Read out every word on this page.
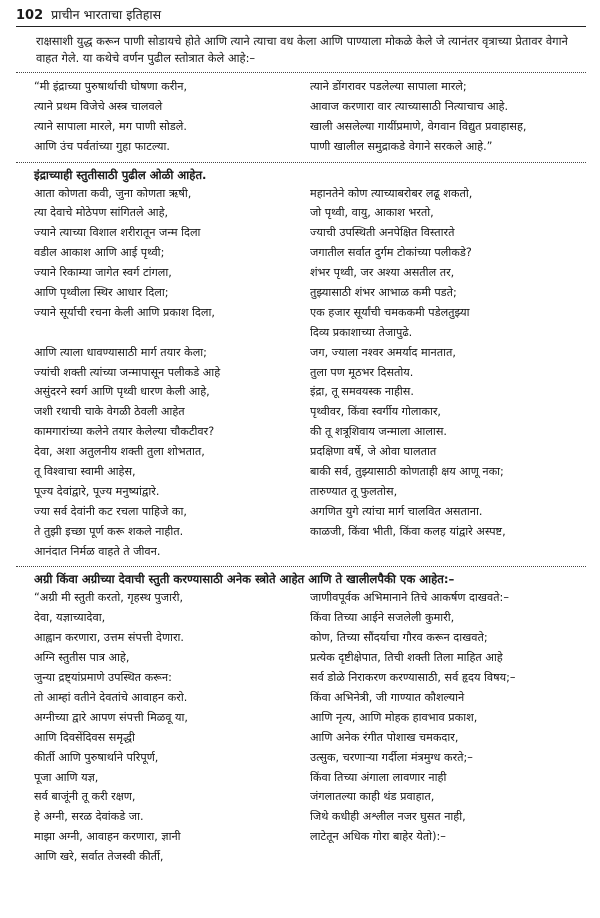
102 प्राचीन भारताचा इतिहास
राक्षसाशी युद्ध करून पाणी सोडायचे होते आणि त्याने त्याचा वध केला आणि पाण्याला मोकळे केले जे त्यानंतर वृत्राच्या प्रेतावर वेगाने वाहत गेले. या कथेचे वर्णन पुढील स्तोत्रात केले आहे:–
“मी इंद्राच्या पुरुषार्थाची घोषणा करीन,
त्याने प्रथम विजेचे अस्त्र चालवले
त्याने सापाला मारले, मग पाणी सोडले.
आणि उंच पर्वतांच्या गुहा फाटल्या.
त्याने डोंगरावर पडलेल्या सापाला मारले;
आवाज करणारा वार त्याच्यासाठी नित्याचाच आहे.
खाली असलेल्या गायींप्रमाणे, वेगवान विद्युत प्रवाहासह,
पाणी खालील समुद्राकडे वेगाने सरकले आहे.”
इंद्राच्याही स्तुतीसाठी पुढील ओळी आहेत.
आता कोणता कवी, जुना कोणता ऋषी,
त्या देवाचे मोठेपण सांगितले आहे,
ज्याने त्याच्या विशाल शरीरातून जन्म दिला
वडील आकाश आणि आई पृथ्वी;
ज्याने रिकाम्या जागेत स्वर्ग टांगला,
आणि पृथ्वीला स्थिर आधार दिला;
ज्याने सूर्याची रचना केली आणि प्रकाश दिला,
आणि त्याला धावण्यासाठी मार्ग तयार केला;
ज्यांची शक्ती त्यांच्या जन्मापासून पलीकडे आहे
असुंदरने स्वर्ग आणि पृथ्वी धारण केली आहे,
जशी रथाची चाके वेगळी ठेवली आहेत
कामगारांच्या कलेने तयार केलेल्या चौकटीवर?
देवा, अशा अतुलनीय शक्ती तुला शोभतात,
तू विश्वाचा स्वामी आहेस,
पूज्य देवांद्वारे, पूज्य मनुष्यांद्वारे.
ज्या सर्व देवांनी कट रचला पाहिजे का,
ते तुझी इच्छा पूर्ण करू शकले नाहीत.
आनंदात निर्मळ वाहते ते जीवन.
महानतेने कोण त्याच्याबरोबर लढू शकतो,
जो पृथ्वी, वायु, आकाश भरतो,
ज्याची उपस्थिती अनपेक्षित विस्तारते
जगातील सर्वात दुर्गम टोकांच्या पलीकडे?
शंभर पृथ्वी, जर अश्या असतील तर,
तुझ्यासाठी शंभर आभाळ कमी पडते;
एक हजार सूर्यांची चमककमी पडेलतुझ्या
दिव्य प्रकाशाच्या तेजापुढे.
जग, ज्याला नश्वर अमर्याद मानतात,
तुला पण मूठभर दिसतोय.
इंद्रा, तू समवयस्क नाहीस.
पृथ्वीवर, किंवा स्वर्गीय गोलाकार,
की तू शत्रूशिवाय जन्माला आलास.
प्रदक्षिणा वर्षे, जे ओवा घालतात
बाकी सर्व, तुझ्यासाठी कोणताही क्षय आणू नका;
तारुण्यात तू फुलतोस,
अगणित युगे त्यांचा मार्ग चालवित असताना.
काळजी, किंवा भीती, किंवा कलह यांद्वारे अस्पष्ट,
अग्री किंवा अग्रीच्या देवाची स्तुती करण्यासाठी अनेक स्त्रोते आहेत आणि ते खालीलपैकी एक आहेत:–
“अग्री मी स्तुती करतो, गृहस्थ पुजारी,
देवा, यज्ञाच्यादेवा,
आह्वान करणारा, उत्तम संपत्ती देणारा.
अग्नि स्तुतीस पात्र आहे,
जुन्या द्रष्ट्यांप्रमाणे उपस्थित करून:
तो आम्हां वतीने देवतांचे आवाहन करो.
अग्नीच्या द्वारे आपण संपत्ती मिळवू या,
आणि दिवसेंदिवस समृद्धी
कीर्ती आणि पुरुषार्थाने परिपूर्ण,
पूजा आणि यज्ञ,
सर्व बाजूंनी तू करी रक्षण,
हे अग्नी, सरळ देवांकडे जा.
माझा अग्नी, आवाहन करणारा, ज्ञानी
आणि खरे, सर्वात तेजस्वी कीर्ती,
जाणीवपूर्वक अभिमानाने तिचे आकर्षण दाखवते:–
किंवा तिच्या आईने सजलेली कुमारी,
कोण, तिच्या सौंदर्याचा गौरव करून दाखवते;
प्रत्येक दृष्टीक्षेपात, तिची शक्ती तिला माहित आहे
सर्व डोळे निराकरण करण्यासाठी, सर्व हृदय विषय;–
किंवा अभिनेत्री, जी गाण्यात कौशल्याने
आणि नृत्य, आणि मोहक हावभाव प्रकाश,
आणि अनेक रंगीत पोशाख चमकदार,
उत्सुक, चरणाऱ्या गर्दीला मंत्रमुग्ध करते;–
किंवा तिच्या अंगाला लावणार नाही
जंगलातल्या काही थंड प्रवाहात,
जिथे कधीही अश्लील नजर घुसत नाही,
लाटेतून अधिक गोरा बाहेर येतो):–
